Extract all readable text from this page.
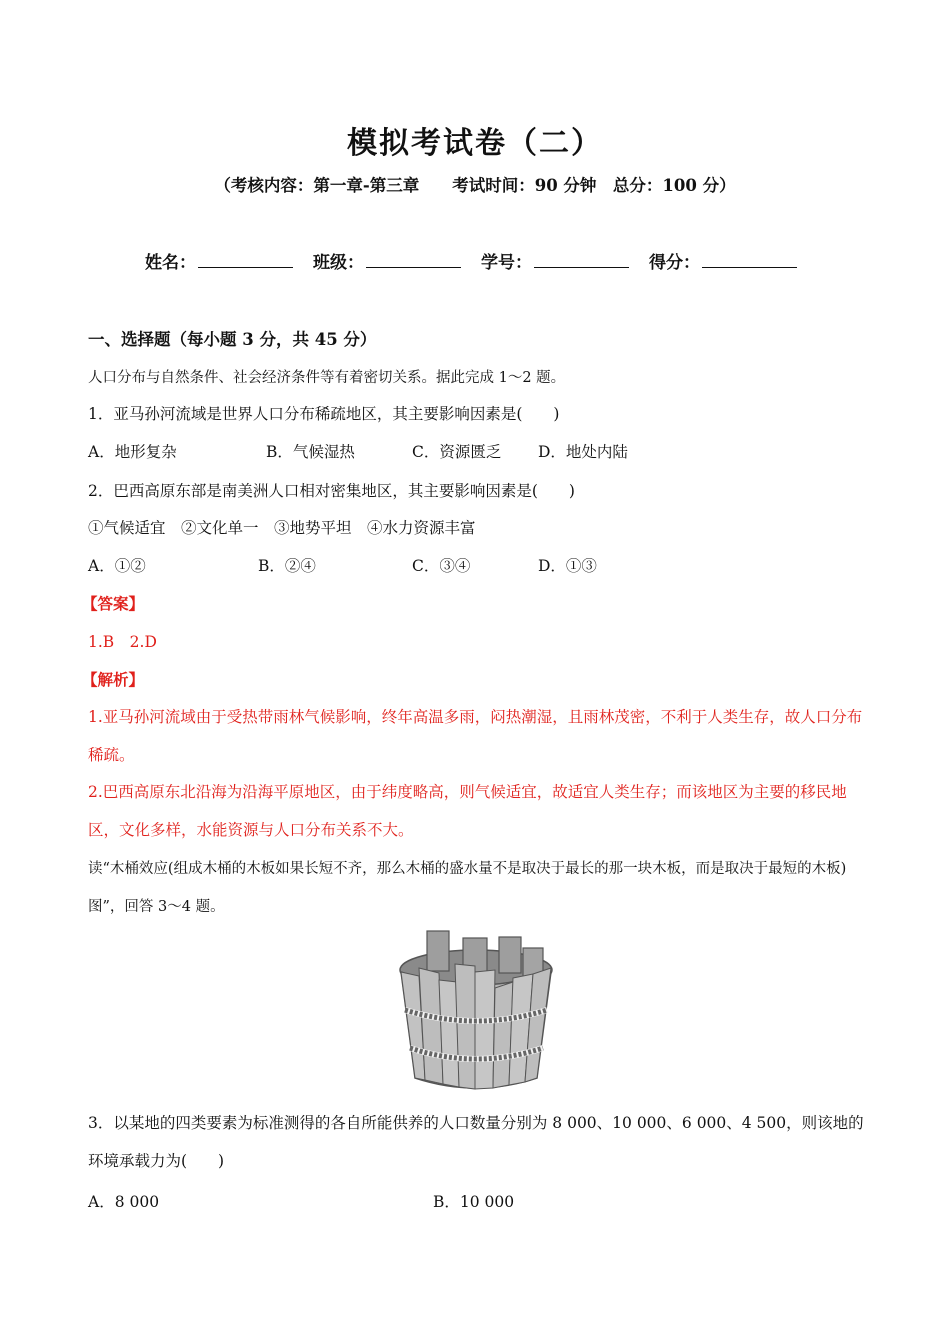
模拟考试卷（二）
（考核内容：第一章-第三章　　考试时间：90 分钟　总分：100 分）
姓名：	班级：	学号：	得分：
一、选择题（每小题 3 分，共 45 分）
人口分布与自然条件、社会经济条件等有着密切关系。据此完成 1～2 题。
1．亚马孙河流域是世界人口分布稀疏地区，其主要影响因素是(　　)
A．地形复杂	B．气候湿热	C．资源匮乏 D．地处内陆
2．巴西高原东部是南美洲人口相对密集地区，其主要影响因素是(　　)
①气候适宜　②文化单一　③地势平坦　④水力资源丰富
A．①②	B．②④	C．③④	D．①③
【答案】
1.B　2.D
【解析】
1.亚马孙河流域由于受热带雨林气候影响，终年高温多雨，闷热潮湿，且雨林茂密，不利于人类生存，故人口分布稀疏。
2.巴西高原东北沿海为沿海平原地区，由于纬度略高，则气候适宜，故适宜人类生存；而该地区为主要的移民地区，文化多样，水能资源与人口分布关系不大。
读“木桶效应(组成木桶的木板如果长短不齐，那么木桶的盛水量不是取决于最长的那一块木板，而是取决于最短的木板)图”，回答 3～4 题。
3．以某地的四类要素为标准测得的各自所能供养的人口数量分别为 8 000、10 000、6 000、4 500，则该地的环境承载力为(　　)
A．8 000	B．10 000
